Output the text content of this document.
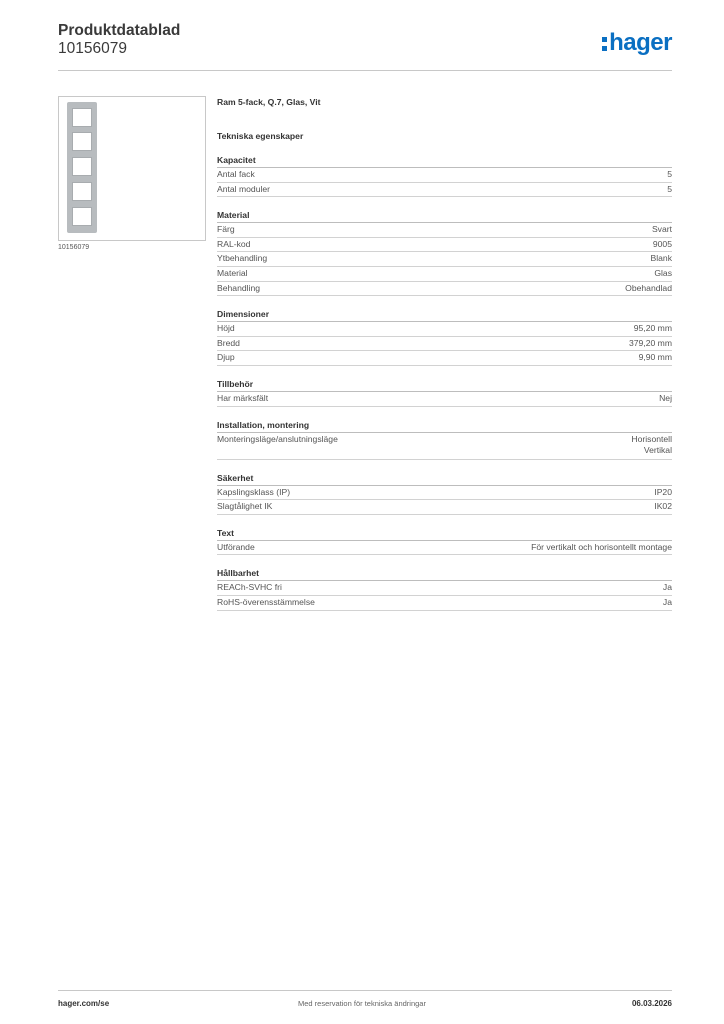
Produktdatablad
10156079	hager
10156079
Ram 5-fack, Q.7, Glas, Vit
Tekniska egenskaper
Kapacitet
Antal fack	5
Antal moduler	5
Material
Färg	Svart
RAL-kod	9005
Ytbehandling	Blank
Material	Glas
Behandling	Obehandlad
Dimensioner
Höjd	95,20 mm
Bredd	379,20 mm
Djup	9,90 mm
Tillbehör
Har märksfält	Nej
Installation, montering
Monteringsläge/anslutningsläge	Horisontell
Vertikal
Säkerhet
Kapslingsklass (IP)	IP20
Slagtålighet IK	IK02
Text
Utförande	För vertikalt och horisontellt montage
Hållbarhet
REACh-SVHC fri	Ja
RoHS-överensstämmelse	Ja
hager.com/se	Med reservation för tekniska ändringar	06.03.2026
